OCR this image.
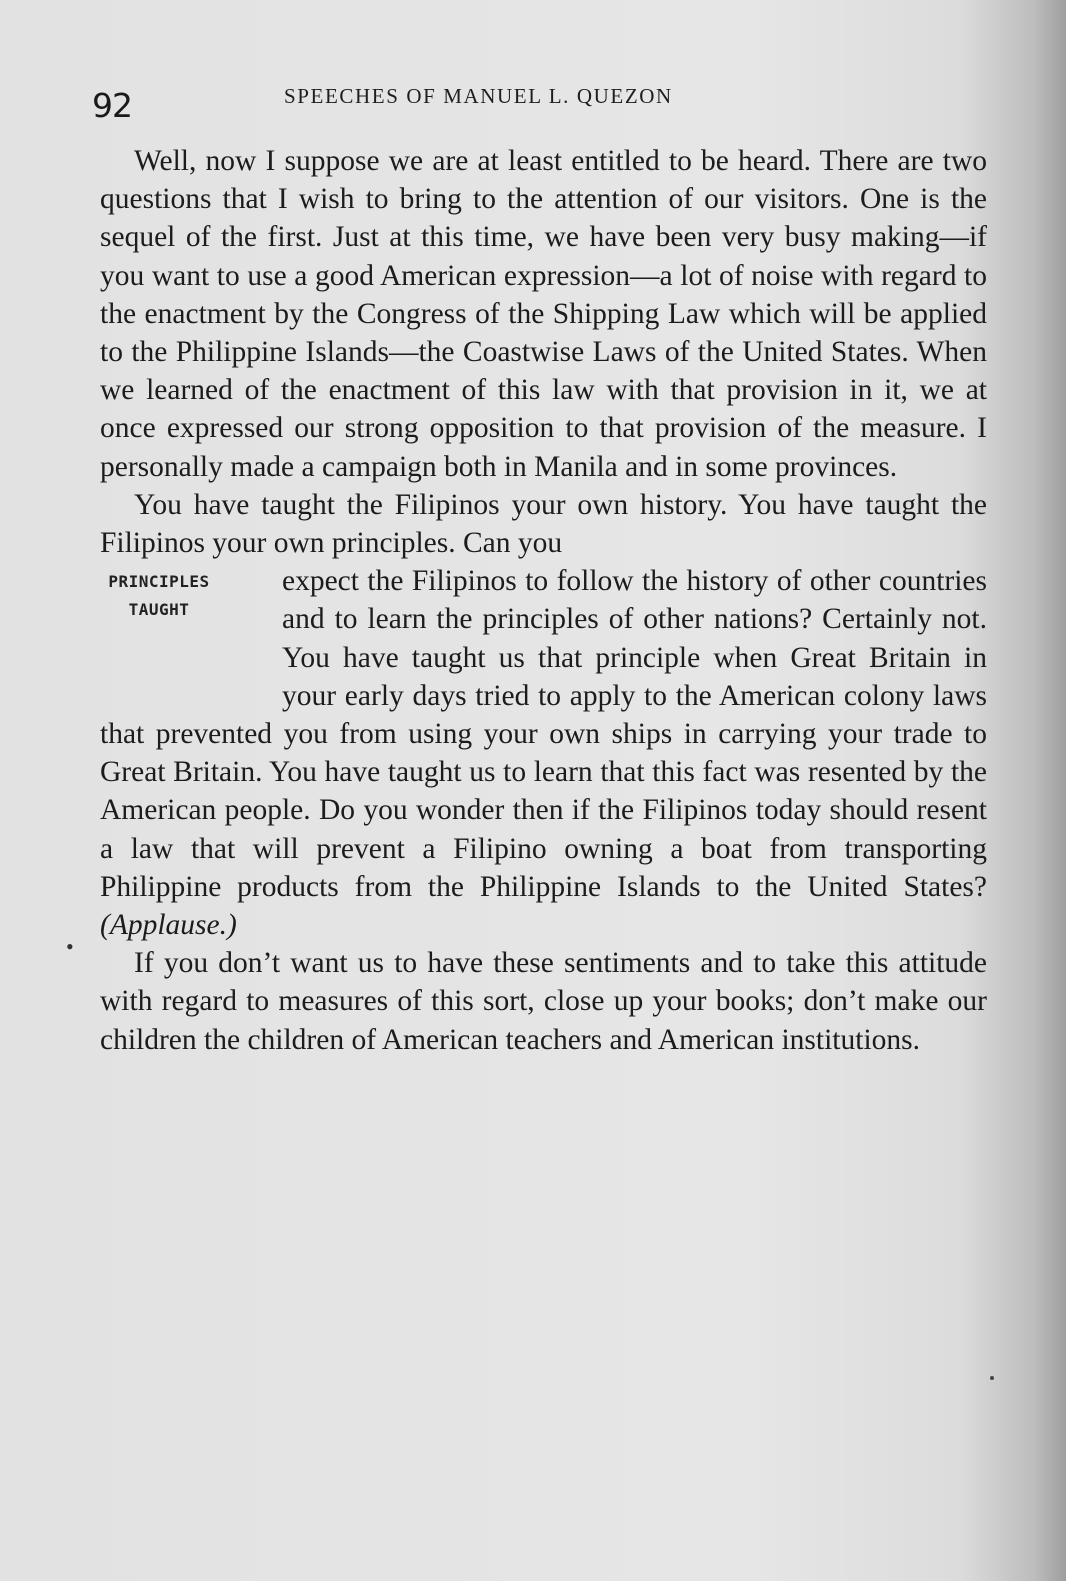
92	SPEECHES OF MANUEL L. QUEZON

Well, now I suppose we are at least entitled to be heard. There are two questions that I wish to bring to the attention of our visitors. One is the sequel of the first. Just at this time, we have been very busy making—if you want to use a good American expression—a lot of noise with regard to the enactment by the Congress of the Shipping Law which will be applied to the Philippine Islands—the Coastwise Laws of the United States. When we learned of the enactment of this law with that provision in it, we at once expressed our strong opposition to that provision of the measure. I personally made a campaign both in Manila and in some provinces.

You have taught the Filipinos your own history. You have taught the Filipinos your own principles. Can you

PRINCIPLES
TAUGHT
expect the Filipinos to follow the history of other countries and to learn the principles of other nations? Certainly not. You have taught us that principle when Great Britain in your early days tried to apply to the American colony laws that prevented you from using your own ships in carrying your trade to Great Britain. You have taught us to learn that this fact was resented by the American people. Do you wonder then if the Filipinos today should resent a law that will prevent a Filipino owning a boat from transporting Philippine products from the Philippine Islands to the United States? (Applause.)

If you don’t want us to have these sentiments and to take this attitude with regard to measures of this sort, close up your books; don’t make our children the children of American teachers and American institutions.

•
